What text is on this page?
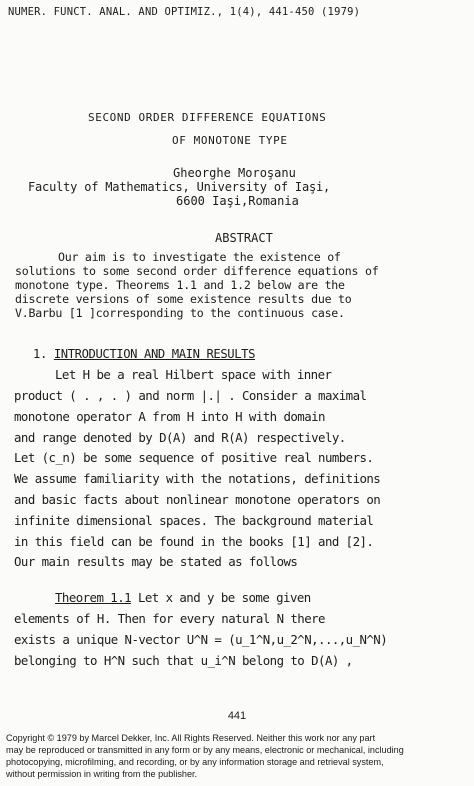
NUMER. FUNCT. ANAL. AND OPTIMIZ., 1(4), 441-450 (1979)
SECOND ORDER DIFFERENCE EQUATIONS
OF MONOTONE TYPE
Gheorghe Moroşanu
Faculty of Mathematics, University of Iaşi,
6600 Iaşi,Romania
ABSTRACT
Our aim is to investigate the existence of
solutions to some second order difference equations of
monotone type. Theorems 1.1 and 1.2 below are the
discrete versions of some existence results due to
V.Barbu [1 ]corresponding to the continuous case.
1. INTRODUCTION AND MAIN RESULTS
Let H be a real Hilbert space with inner
product ( . , . ) and norm |.| . Consider a maximal
monotone operator A from H into H with domain
and range denoted by D(A) and R(A) respectively.
Let (c_n) be some sequence of positive real numbers.
We assume familiarity with the notations, definitions
and basic facts about nonlinear monotone operators on
infinite dimensional spaces. The background material
in this field can be found in the books [1] and [2].
Our main results may be stated as follows
Theorem 1.1 Let x and y be some given
elements of H. Then for every natural N there
exists a unique N-vector U^N = (u_1^N,u_2^N,...,u_N^N)
belonging to H^N such that u_i^N belong to D(A) ,
441
Copyright © 1979 by Marcel Dekker, Inc. All Rights Reserved. Neither this work nor any part
may be reproduced or transmitted in any form or by any means, electronic or mechanical, including
photocopying, microfilming, and recording, or by any information storage and retrieval system,
without permission in writing from the publisher.
